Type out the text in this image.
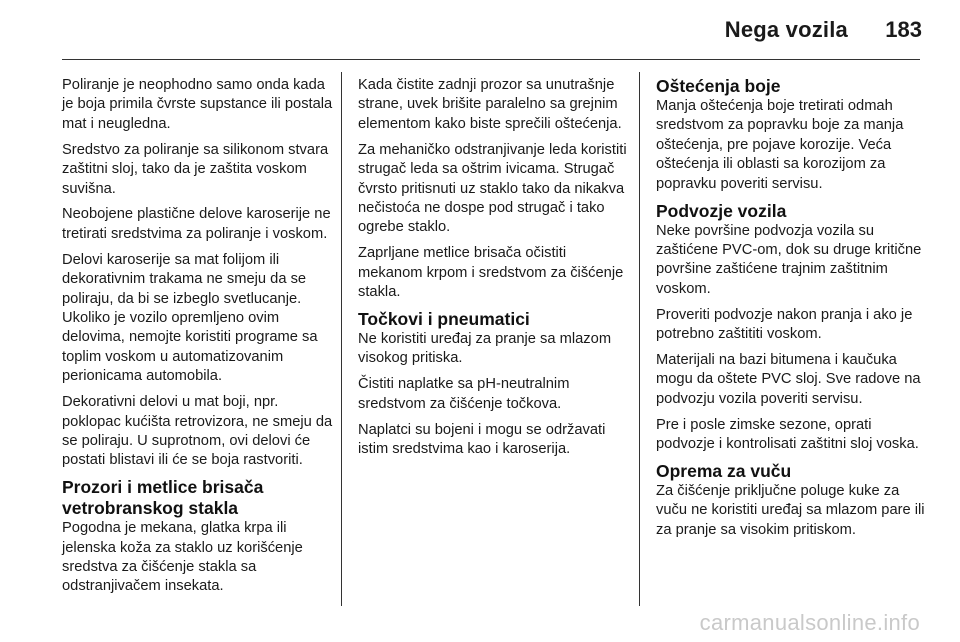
Nega vozila 183

Poliranje je neophodno samo onda kada je boja primila čvrste supstance ili postala mat i neugledna.

Sredstvo za poliranje sa silikonom stvara zaštitni sloj, tako da je zaštita voskom suvišna.

Neobojene plastične delove karoserije ne tretirati sredstvima za poliranje i voskom.

Delovi karoserije sa mat folijom ili dekorativnim trakama ne smeju da se poliraju, da bi se izbeglo svetlucanje. Ukoliko je vozilo opremljeno ovim delovima, nemojte koristiti programe sa toplim voskom u automatizovanim perionicama automobila.

Dekorativni delovi u mat boji, npr. poklopac kućišta retrovizora, ne smeju da se poliraju. U suprotnom, ovi delovi će postati blistavi ili će se boja rastvoriti.

Prozori i metlice brisača vetrobranskog stakla

Pogodna je mekana, glatka krpa ili jelenska koža za staklo uz korišćenje sredstva za čišćenje stakla sa odstranjivačem insekata.

Kada čistite zadnji prozor sa unutrašnje strane, uvek brišite paralelno sa grejnim elementom kako biste sprečili oštećenja.

Za mehaničko odstranjivanje leda koristiti strugač leda sa oštrim ivicama. Strugač čvrsto pritisnuti uz staklo tako da nikakva nečistoća ne dospe pod strugač i tako ogrebe staklo.

Zaprljane metlice brisača očistiti mekanom krpom i sredstvom za čišćenje stakla.

Točkovi i pneumatici

Ne koristiti uređaj za pranje sa mlazom visokog pritiska.

Čistiti naplatke sa pH-neutralnim sredstvom za čišćenje točkova.

Naplatci su bojeni i mogu se održavati istim sredstvima kao i karoserija.

Oštećenja boje

Manja oštećenja boje tretirati odmah sredstvom za popravku boje za manja oštećenja, pre pojave korozije. Veća oštećenja ili oblasti sa korozijom za popravku poveriti servisu.

Podvozje vozila

Neke površine podvozja vozila su zaštićene PVC-om, dok su druge kritične površine zaštićene trajnim zaštitnim voskom.

Proveriti podvozje nakon pranja i ako je potrebno zaštititi voskom.

Materijali na bazi bitumena i kaučuka mogu da oštete PVC sloj. Sve radove na podvozju vozila poveriti servisu.

Pre i posle zimske sezone, oprati podvozje i kontrolisati zaštitni sloj voska.

Oprema za vuču

Za čišćenje priključne poluge kuke za vuču ne koristiti uređaj sa mlazom pare ili za pranje sa visokim pritiskom.

carmanualsonline.info
